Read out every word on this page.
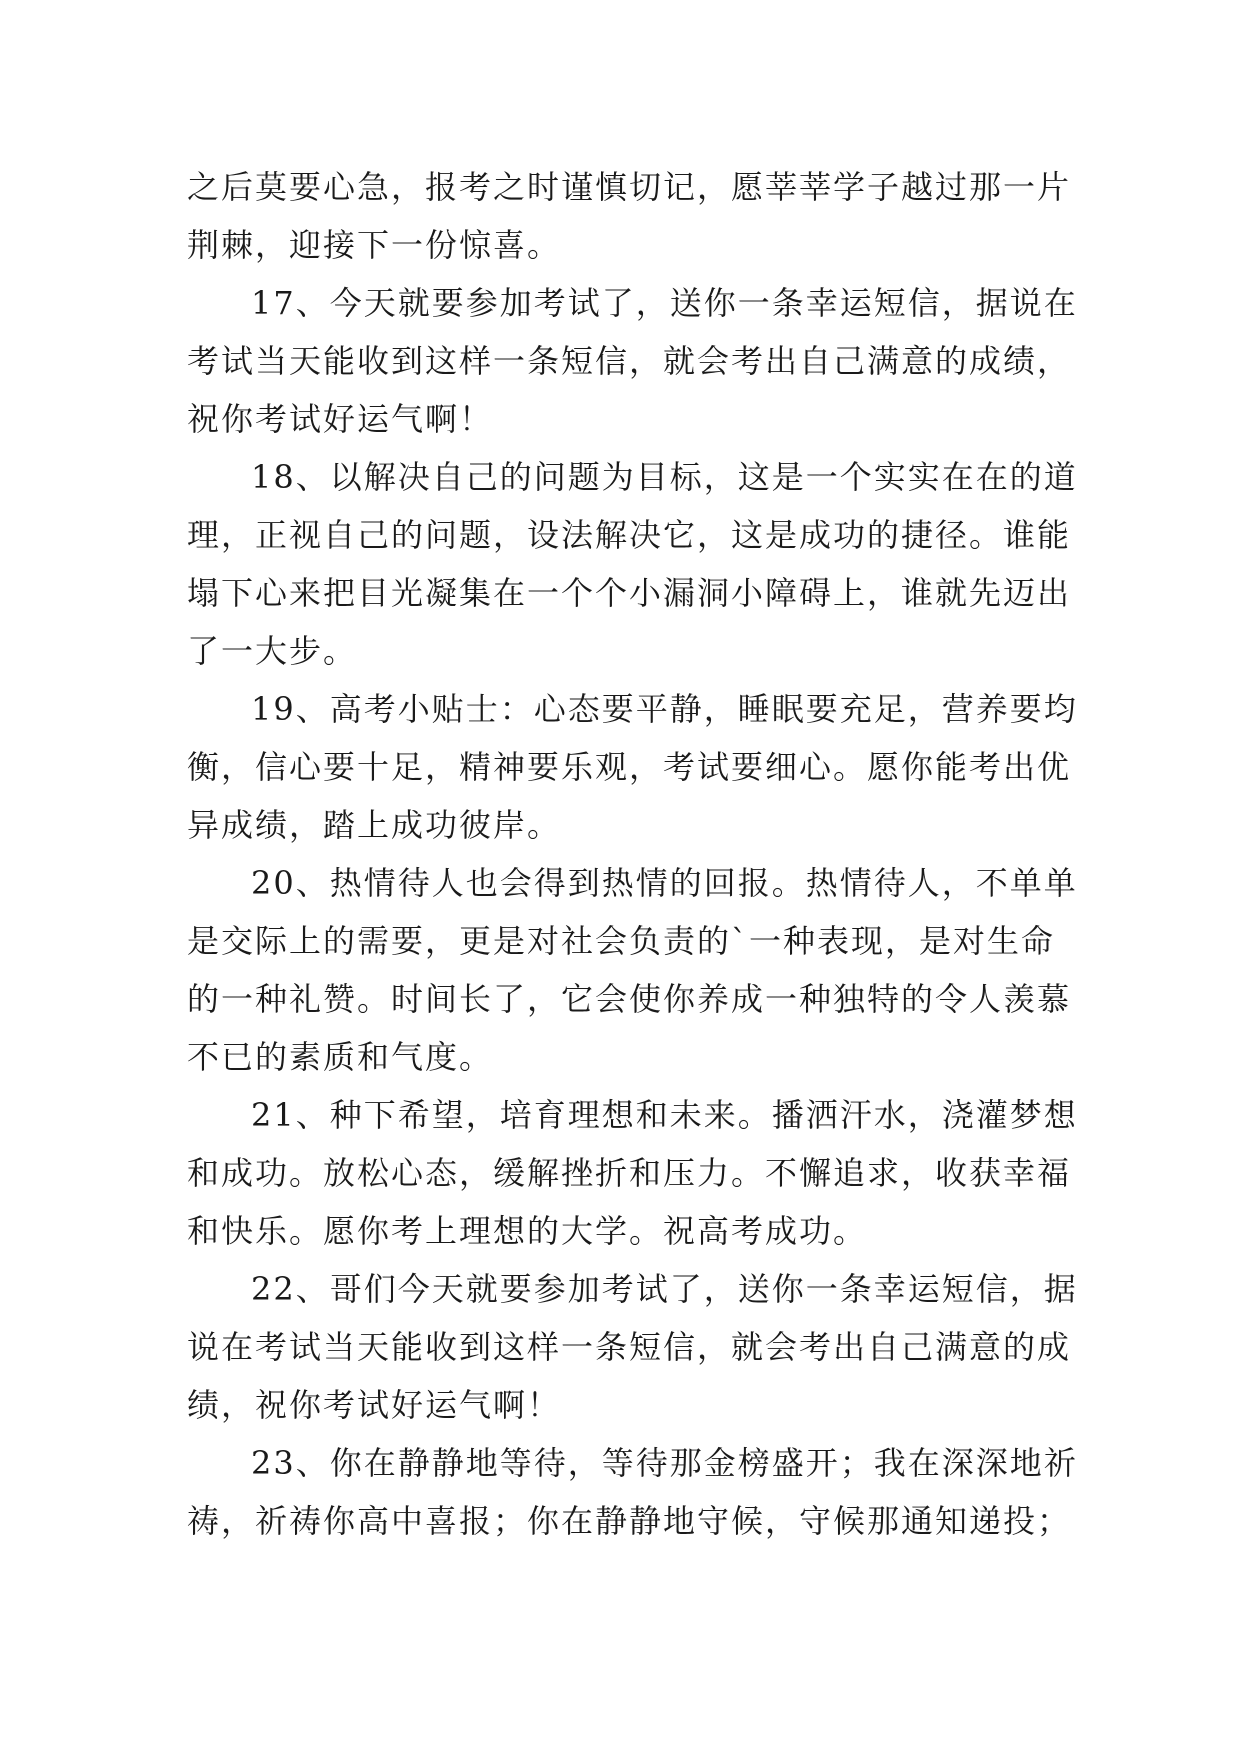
之后莫要心急，报考之时谨慎切记，愿莘莘学子越过那一片
荆棘，迎接下一份惊喜。

17、今天就要参加考试了，送你一条幸运短信，据说在
考试当天能收到这样一条短信，就会考出自己满意的成绩，
祝你考试好运气啊！

18、以解决自己的问题为目标，这是一个实实在在的道
理，正视自己的问题，设法解决它，这是成功的捷径。谁能
塌下心来把目光凝集在一个个小漏洞小障碍上，谁就先迈出
了一大步。

19、高考小贴士：心态要平静，睡眠要充足，营养要均
衡，信心要十足，精神要乐观，考试要细心。愿你能考出优
异成绩，踏上成功彼岸。

20、热情待人也会得到热情的回报。热情待人，不单单
是交际上的需要，更是对社会负责的`一种表现，是对生命
的一种礼赞。时间长了，它会使你养成一种独特的令人羡慕
不已的素质和气度。

21、种下希望，培育理想和未来。播洒汗水，浇灌梦想
和成功。放松心态，缓解挫折和压力。不懈追求，收获幸福
和快乐。愿你考上理想的大学。祝高考成功。

22、哥们今天就要参加考试了，送你一条幸运短信，据
说在考试当天能收到这样一条短信，就会考出自己满意的成
绩，祝你考试好运气啊！

23、你在静静地等待，等待那金榜盛开；我在深深地祈
祷，祈祷你高中喜报；你在静静地守候，守候那通知递投；
